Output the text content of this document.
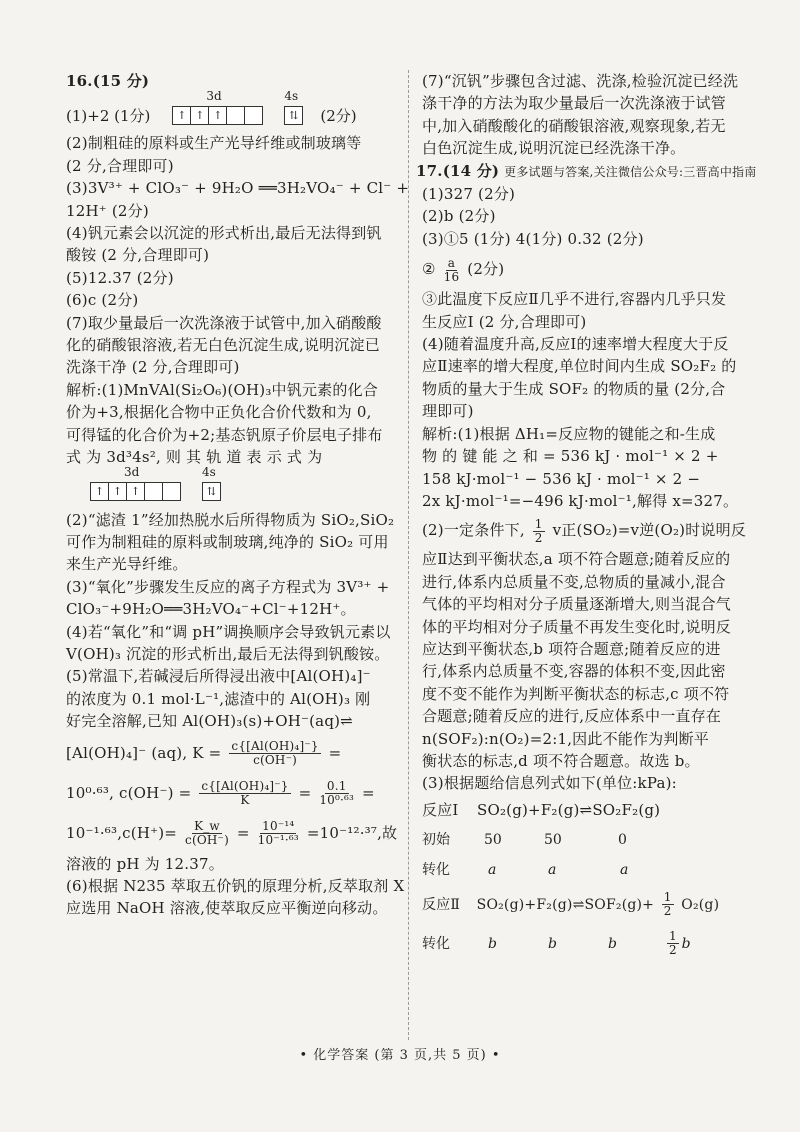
16.(15 分)
(1)+2 (1分)
3d
↑ ↑ ↑
4s
⇅	(2分)
(2)制粗硅的原料或生产光导纤维或制玻璃等
(2 分,合理即可)
(3)3V³⁺ + ClO₃⁻ + 9H₂O ══3H₂VO₄⁻ + Cl⁻ +
12H⁺ (2分)
(4)钒元素会以沉淀的形式析出,最后无法得到钒
酸铵 (2 分,合理即可)
(5)12.37 (2分)
(6)c (2分)
(7)取少量最后一次洗涤液于试管中,加入硝酸酸
化的硝酸银溶液,若无白色沉淀生成,说明沉淀已
洗涤干净 (2 分,合理即可)
解析:(1)MnVAl(Si₂O₆)(OH)₃中钒元素的化合
价为+3,根据化合物中正负化合价代数和为 0,
可得锰的化合价为+2;基态钒原子价层电子排布
式 为 3d³4s², 则 其 轨 道 表 示 式 为
3d
↑ ↑ ↑
4s
⇅
(2)“滤渣 1”经加热脱水后所得物质为 SiO₂,SiO₂
可作为制粗硅的原料或制玻璃,纯净的 SiO₂ 可用
来生产光导纤维。
(3)“氧化”步骤发生反应的离子方程式为 3V³⁺ +
ClO₃⁻+9H₂O══3H₂VO₄⁻+Cl⁻+12H⁺。
(4)若“氧化”和“调 pH”调换顺序会导致钒元素以
V(OH)₃ 沉淀的形式析出,最后无法得到钒酸铵。
(5)常温下,若碱浸后所得浸出液中[Al(OH)₄]⁻
的浓度为 0.1 mol·L⁻¹,滤渣中的 Al(OH)₃ 刚
好完全溶解,已知 Al(OH)₃(s)+OH⁻(aq)⇌
[Al(OH)₄]⁻ (aq), $K = \frac{\text{c\{[Al(OH)₄]⁻\}}}{c(OH^-)}$ =
10⁰·⁶³, $c(OH^-) = \frac{\text{c\{[Al(OH)₄]⁻\}}}{K} = \frac{0.1}{\text{10⁰·⁶³}}$ =
$10^{-1}\cdot^{63},c(H^+)= \frac{K\_w}{c(OH^-)} = \frac{\text{10⁻¹⁴}}{\text{10⁻¹·⁶³}} =10^{-12}\cdot^{37}$,故
溶液的 pH 为 12.37。
(6)根据 N235 萃取五价钒的原理分析,反萃取剂 X
应选用 NaOH 溶液,使萃取反应平衡逆向移动。
(7)“沉钒”步骤包含过滤、洗涤,检验沉淀已经洗
涤干净的方法为取少量最后一次洗涤液于试管
中,加入硝酸酸化的硝酸银溶液,观察现象,若无
白色沉淀生成,说明沉淀已经洗涤干净。
17.(14 分) 更多试题与答案,关注微信公众号:三晋高中指南
(1)327 (2分)
(2)b (2分)
(3)①5 (1分) 4(1分) 0.32 (2分)
② $\frac{a}{16} (2$分)
③此温度下反应Ⅱ几乎不进行,容器内几乎只发
生反应Ⅰ (2 分,合理即可)
(4)随着温度升高,反应Ⅰ的速率增大程度大于反
应Ⅱ速率的增大程度,单位时间内生成 SO₂F₂ 的
物质的量大于生成 SOF₂ 的物质的量 (2分,合
理即可)
解析:(1)根据 ΔH₁=反应物的键能之和-生成
物 的 键 能 之 和 = 536 kJ · mol⁻¹ × 2 +
158 kJ·mol⁻¹ − 536 kJ · mol⁻¹ × 2 −
2x kJ·mol⁻¹=−496 kJ·mol⁻¹,解得 x=327。
(2)一定条件下, $\frac{1}{2}$ v正(SO₂)=v逆(O₂)时说明反
应Ⅱ达到平衡状态,a 项不符合题意;随着反应的
进行,体系内总质量不变,总物质的量减小,混合
气体的平均相对分子质量逐渐增大,则当混合气
体的平均相对分子质量不再发生变化时,说明反
应达到平衡状态,b 项符合题意;随着反应的进
行,体系内总质量不变,容器的体积不变,因此密
度不变不能作为判断平衡状态的标志,c 项不符
合题意;随着反应的进行,反应体系中一直存在
n(SOF₂):n(O₂)=2:1,因此不能作为判断平
衡状态的标志,d 项不符合题意。故选 b。
(3)根据题给信息列式如下(单位:kPa):
反应Ⅰ SO₂(g)+F₂(g)⇌SO₂F₂(g)
初始	50	50	0
转化	a	a	a
反应Ⅱ SO₂(g)+F₂(g)⇌SOF₂(g)+ $\frac{1}{2} O_2(g)$
转化	b	b	b	$\frac{1}{2}$ b
• 化学答案 (第 3 页,共 5 页) •
